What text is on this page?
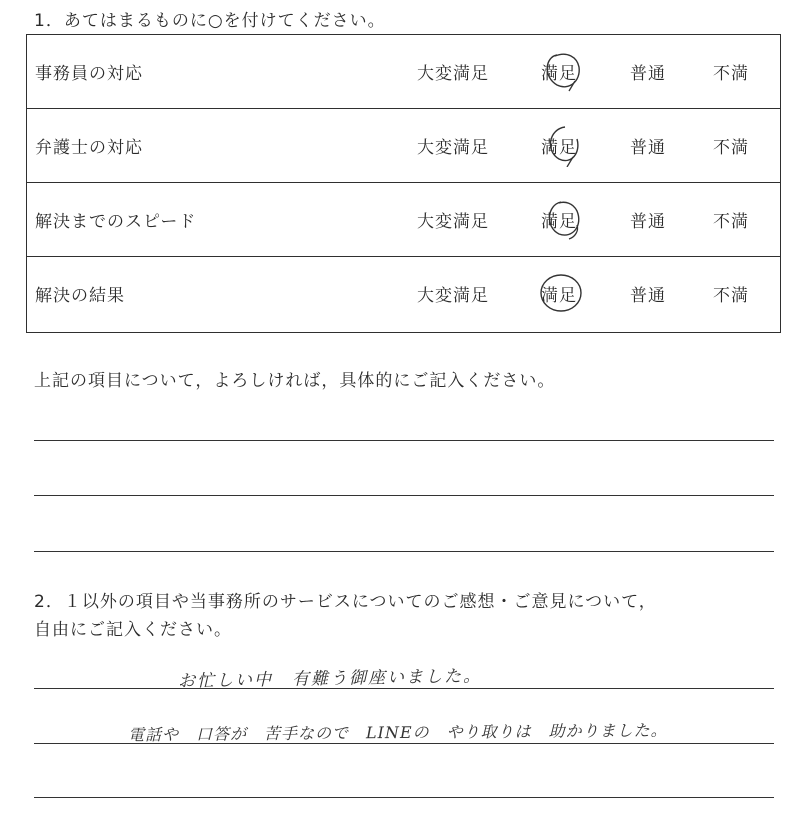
1．あてはまるものに○を付けてください。
事務員の対応	大変満足	満足	普通	不満
弁護士の対応	大変満足	満足	普通	不満
解決までのスピード	大変満足	満足	普通	不満
解決の結果	大変満足	満足	普通	不満
上記の項目について，よろしければ，具体的にご記入ください。
2．１以外の項目や当事務所のサービスについてのご感想・ご意見について，
自由にご記入ください。
お忙しい中　有難う御座いました。
電話や　口答が　苦手なので　LINEの　やり取りは　助かりました。
